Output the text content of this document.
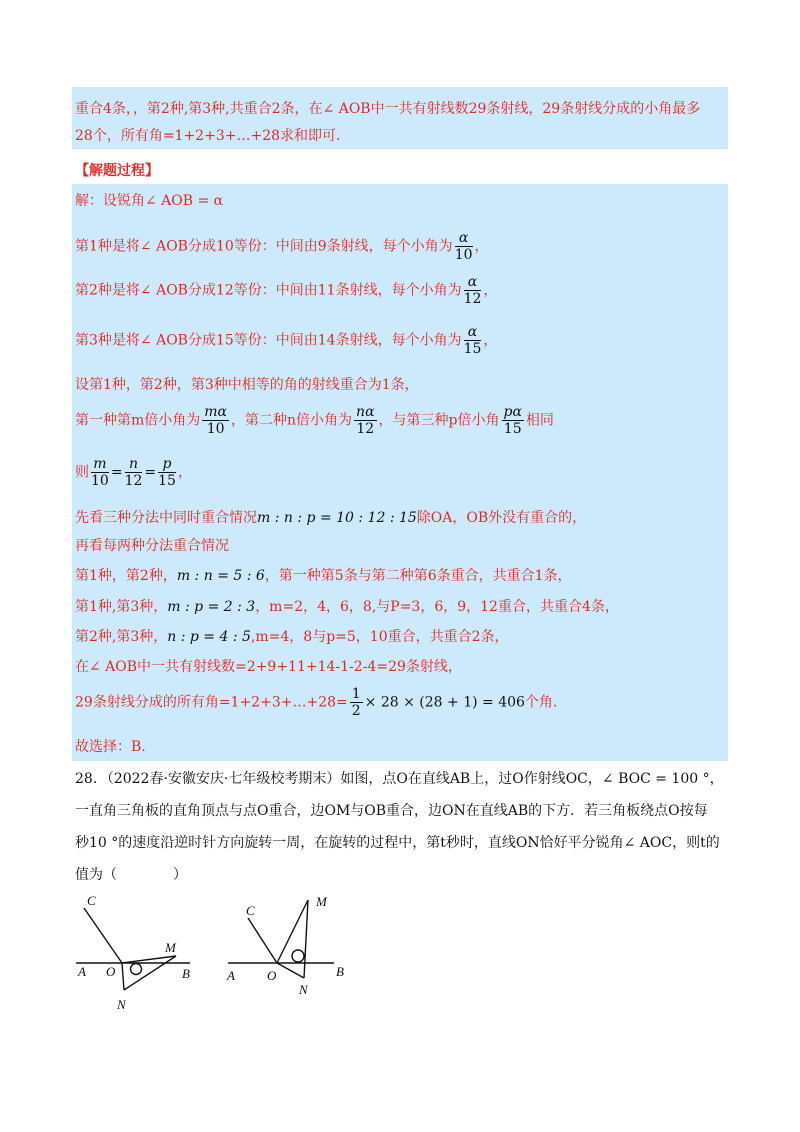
重合4条，，第2种,第3种,共重合2条，在∠ AOB中一共有射线数29条射线，29条射线分成的小角最多
28个，所有角=1+2+3+…+28求和即可.
【解题过程】
解：设锐角∠ AOB = α
第1种是将∠ AOB分成10等份：中间由9条射线，每个小角为 $\frac{\alpha}{10}$ ，
第2种是将∠ AOB分成12等份：中间由11条射线，每个小角为 $\frac{\alpha}{12}$ ，
第3种是将∠ AOB分成15等份：中间由14条射线，每个小角为 $\frac{\alpha}{15}$ ，
设第1种，第2种，第3种中相等的角的射线重合为1条，
第一种第m倍小角为 $\frac{m\alpha}{10}$ ，第二种n倍小角为 $\frac{n\alpha}{12}$ ，与第三种p倍小角 $\frac{p\alpha}{15}$ 相同
则 $\frac{m}{10} = \frac{n}{12} = \frac{p}{15}$ ，
先看三种分法中同时重合情况m : n : p = 10 : 12 : 15除OA，OB外没有重合的，
再看每两种分法重合情况
第1种，第2种，m : n = 5 : 6，第一种第5条与第二种第6条重合，共重合1条，
第1种,第3种，m : p = 2 : 3，m=2，4，6，8,与P=3，6，9，12重合，共重合4条，
第2种,第3种，n : p = 4 : 5,m=4，8与p=5，10重合，共重合2条，
在∠ AOB中一共有射线数=2+9+11+14-1-2-4=29条射线，
29条射线分成的所有角=1+2+3+…+28= $\frac{1}{2} \times 28 \times (28 + 1) = 406$个角.
故选择：B.
28．（2022春·安徽安庆·七年级校考期末）如图，点O在直线AB上，过O作射线OC，∠ BOC = 100 °，
一直角三角板的直角顶点与点O重合，边OM与OB重合，边ON在直线AB的下方．若三角板绕点O按每
秒10 °的速度沿逆时针方向旋转一周，在旋转的过程中，第t秒时，直线ON恰好平分锐角∠ AOC，则t的
值为（　　　　）
C
M
A O	B
N
C
M
A O	B
N
